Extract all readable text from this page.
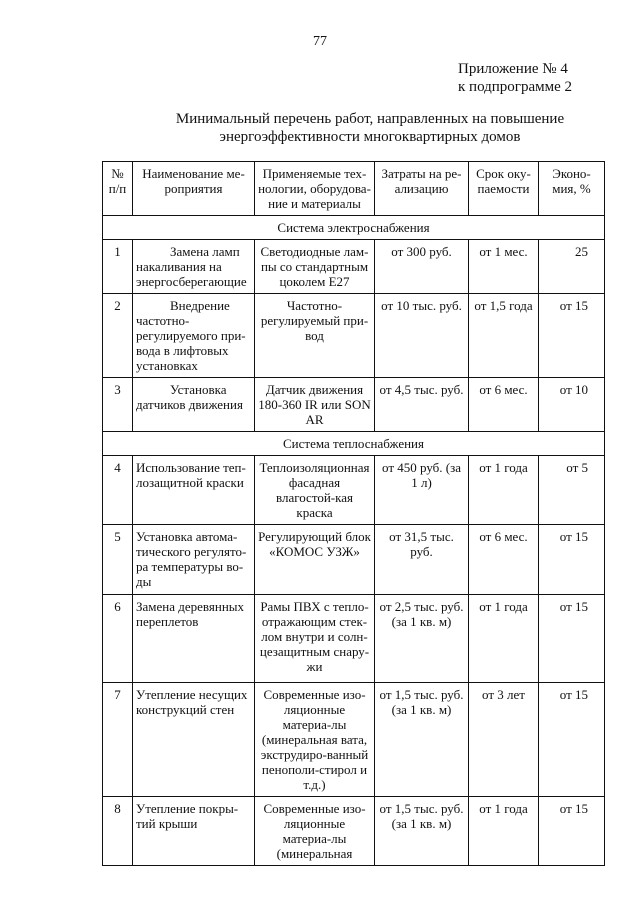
77
Приложение № 4
к подпрограмме 2
Минимальный перечень работ, направленных на повышение
энергоэффективности многоквартирных домов
№ п/п	Наименование ме-роприятия	Применяемые тех-нологии, оборудова-ние и материалы	Затраты на ре-ализацию	Срок оку-паемости	Эконо-мия, %
Система электроснабжения					
1	Замена ламп накаливания на энергосберегающие	Светодиодные лам-пы со стандартным цоколем Е27	от 300 руб.	от 1 мес.	25
2	Внедрение частотно-регулируемого при-вода в лифтовых установках	Частотно-регулируемый при-вод	от 10 тыс. руб.	от 1,5 года	от 15
3	Установка датчиков движения	Датчик движения 180-360 IR или SON AR	от 4,5 тыс. руб.	от 6 мес.	от 10
Система теплоснабжения					
4	Использование теп-лозащитной краски	Теплоизоляционная фасадная влагостой-кая краска	от 450 руб. (за 1 л)	от 1 года	от 5
5	Установка автома-тического регулято-ра температуры во-ды	Регулирующий блок «КОМОС УЗЖ»	от 31,5 тыс. руб.	от 6 мес.	от 15
6	Замена деревянных переплетов	Рамы ПВХ с тепло-отражающим стек-лом внутри и солн-цезащитным снару-жи	от 2,5 тыс. руб. (за 1 кв. м)	от 1 года	от 15
7	Утепление несущих конструкций стен	Современные изо-ляционные материа-лы (минеральная вата, экструдиро-ванный пенополи-стирол и т.д.)	от 1,5 тыс. руб. (за 1 кв. м)	от 3 лет	от 15
8	Утепление покры-тий крыши	Современные изо-ляционные материа-лы (минеральная	от 1,5 тыс. руб. (за 1 кв. м)	от 1 года	от 15
